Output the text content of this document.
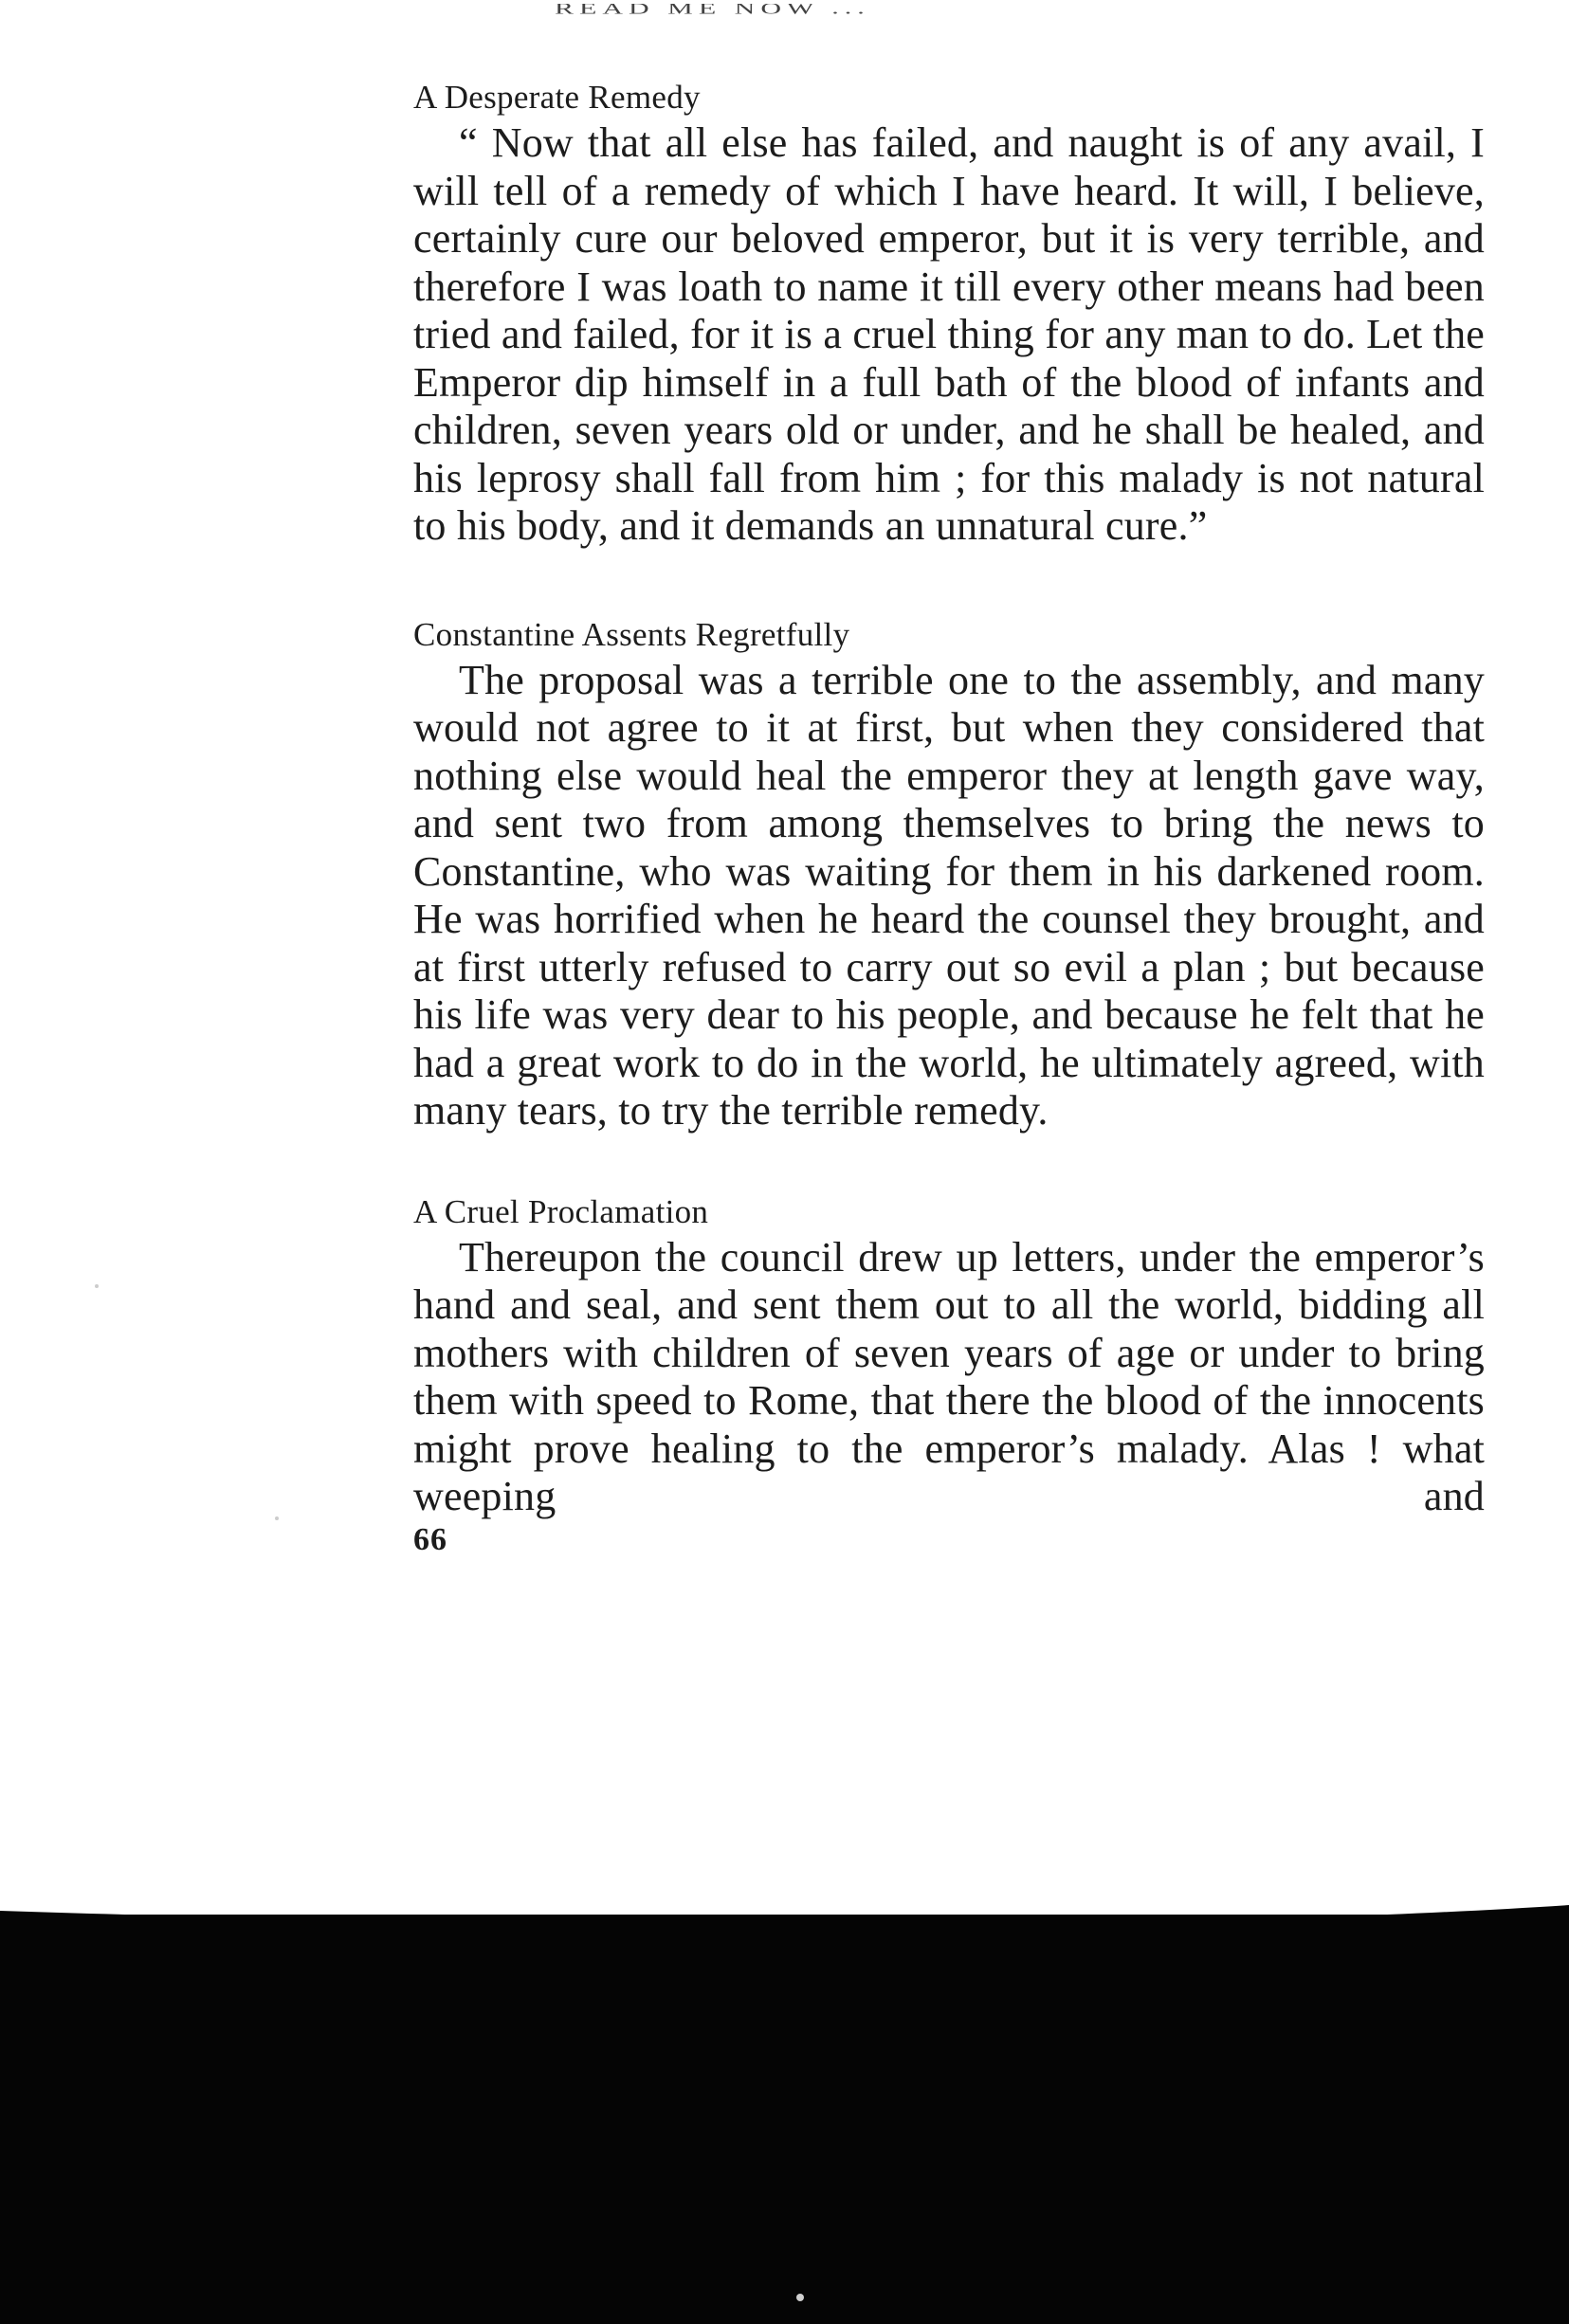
READ ME NOW ...

A Desperate Remedy

“ Now that all else has failed, and naught is of any avail, I will tell of a remedy of which I have heard. It will, I believe, certainly cure our beloved emperor, but it is very terrible, and therefore I was loath to name it till every other means had been tried and failed, for it is a cruel thing for any man to do. Let the Emperor dip himself in a full bath of the blood of infants and children, seven years old or under, and he shall be healed, and his leprosy shall fall from him ; for this malady is not natural to his body, and it demands an unnatural cure.”

Constantine Assents Regretfully

The proposal was a terrible one to the assembly, and many would not agree to it at first, but when they considered that nothing else would heal the emperor they at length gave way, and sent two from among themselves to bring the news to Constantine, who was waiting for them in his darkened room. He was horrified when he heard the counsel they brought, and at first utterly refused to carry out so evil a plan ; but because his life was very dear to his people, and because he felt that he had a great work to do in the world, he ultimately agreed, with many tears, to try the terrible remedy.

A Cruel Proclamation

Thereupon the council drew up letters, under the emperor’s hand and seal, and sent them out to all the world, bidding all mothers with children of seven years of age or under to bring them with speed to Rome, that there the blood of the innocents might prove healing to the emperor’s malady. Alas ! what weeping and

66
